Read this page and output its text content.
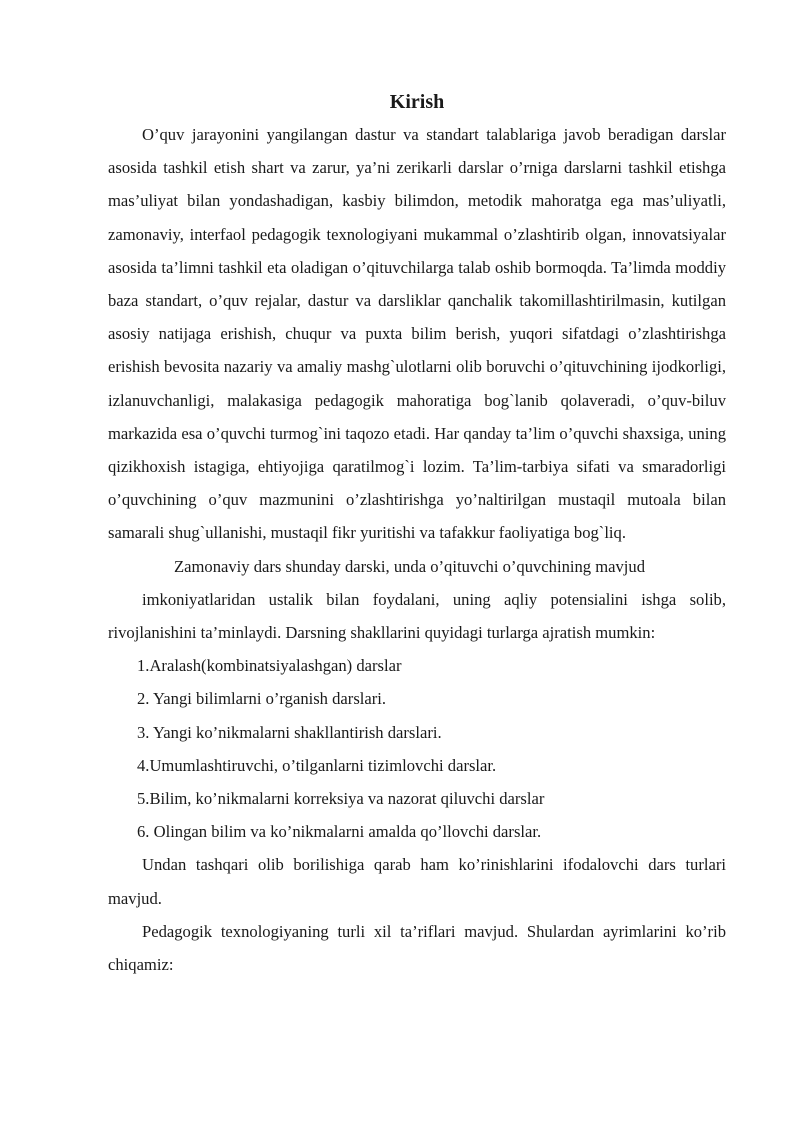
Kirish

O’quv jarayonini yangilangan dastur va standart talablariga javob beradigan darslar asosida tashkil etish shart va zarur, ya’ni zerikarli darslar o’rniga darslarni tashkil etishga mas’uliyat bilan yondashadigan, kasbiy bilimdon, metodik mahoratga ega mas’uliyatli, zamonaviy, interfaol pedagogik texnologiyani mukammal o’zlashtirib olgan, innovatsiyalar asosida ta’limni tashkil eta oladigan o’qituvchilarga talab oshib bormoqda. Ta’limda moddiy baza standart, o’quv rejalar, dastur va darsliklar qanchalik takomillashtirilmasin, kutilgan asosiy natijaga erishish, chuqur va puxta bilim berish, yuqori sifatdagi o’zlashtirishga erishish bevosita nazariy va amaliy mashg`ulotlarni olib boruvchi o’qituvchining ijodkorligi, izlanuvchanligi, malakasiga pedagogik mahoratiga bog`lanib qolaveradi, o’quv-biluv markazida esa o’quvchi turmog`ini taqozo etadi. Har qanday ta’lim o’quvchi shaxsiga, uning qizikhoxish istagiga, ehtiyojiga qaratilmog`i lozim. Ta’lim-tarbiya sifati va smaradorligi o’quvchining o’quv mazmunini o’zlashtirishga yo’naltirilgan mustaqil mutoala bilan samarali shug`ullanishi, mustaqil fikr yuritishi va tafakkur faoliyatiga bog`liq.

Zamonaviy dars shunday darski, unda o’qituvchi o’quvchining mavjud

imkoniyatlaridan ustalik bilan foydalani, uning aqliy potensialini ishga solib, rivojlanishini ta’minlaydi. Darsning shakllarini quyidagi turlarga ajratish mumkin:

1.Aralash(kombinatsiyalashgan) darslar
2. Yangi bilimlarni o’rganish darslari.
3. Yangi ko’nikmalarni shakllantirish darslari.
4.Umumlashtiruvchi, o’tilganlarni tizimlovchi darslar.
5.Bilim, ko’nikmalarni korreksiya va nazorat qiluvchi darslar
6. Olingan bilim va ko’nikmalarni amalda qo’llovchi darslar.

Undan tashqari olib borilishiga qarab ham ko’rinishlarini ifodalovchi dars turlari mavjud.

Pedagogik texnologiyaning turli xil ta’riflari mavjud. Shulardan ayrimlarini ko’rib chiqamiz:
